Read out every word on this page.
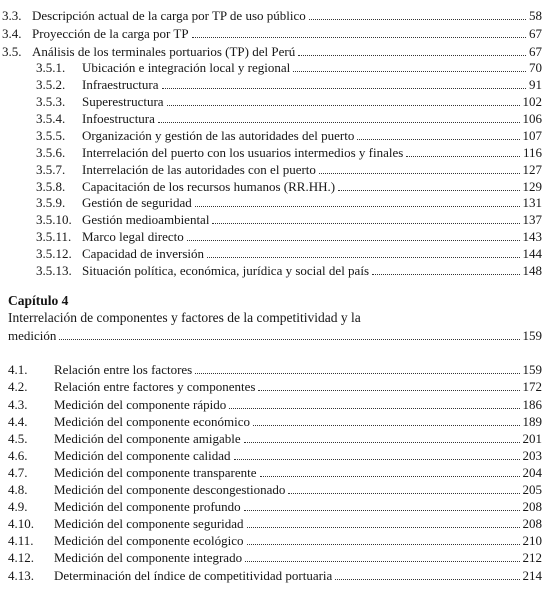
3.3. Descripción actual de la carga por TP de uso público	58
3.4. Proyección de la carga por TP	67
3.5. Análisis de los terminales portuarios (TP) del Perú	67
3.5.1.	Ubicación e integración local y regional	70
3.5.2.	Infraestructura	91
3.5.3.	Superestructura	102
3.5.4.	Infoestructura	106
3.5.5.	Organización y gestión de las autoridades del puerto	107
3.5.6.	Interrelación del puerto con los usuarios intermedios y finales	116
3.5.7.	Interrelación de las autoridades con el puerto	127
3.5.8.	Capacitación de los recursos humanos (RR.HH.)	129
3.5.9.	Gestión de seguridad	131
3.5.10. Gestión medioambiental	137
3.5.11. Marco legal directo	143
3.5.12. Capacidad de inversión	144
3.5.13. Situación política, económica, jurídica y social del país	148
Capítulo 4
Interrelación de componentes y factores de la competitividad y la
medición	159
4.1.	Relación entre los factores	159
4.2.	Relación entre factores y componentes	172
4.3.	Medición del componente rápido	186
4.4.	Medición del componente económico	189
4.5.	Medición del componente amigable	201
4.6.	Medición del componente calidad	203
4.7.	Medición del componente transparente	204
4.8.	Medición del componente descongestionado	205
4.9.	Medición del componente profundo	208
4.10.	Medición del componente seguridad	208
4.11.	Medición del componente ecológico	210
4.12.	Medición del componente integrado	212
4.13.	Determinación del índice de competitividad portuaria	214
